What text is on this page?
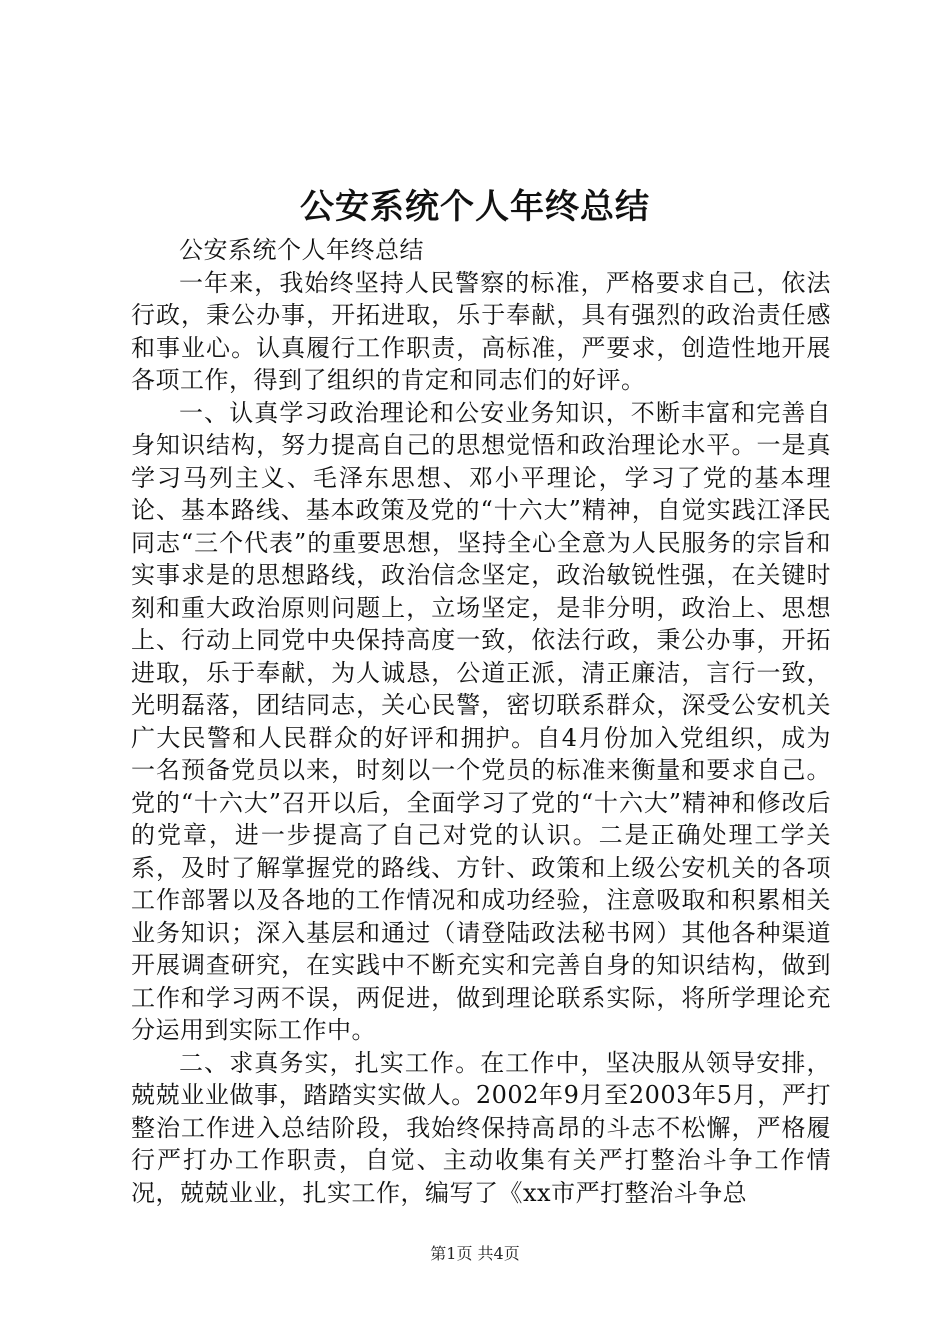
公安系统个人年终总结

公安系统个人年终总结

一年来，我始终坚持人民警察的标准，严格要求自己，依法行政，秉公办事，开拓进取，乐于奉献，具有强烈的政治责任感和事业心。认真履行工作职责，高标准，严要求，创造性地开展各项工作，得到了组织的肯定和同志们的好评。

一、认真学习政治理论和公安业务知识，不断丰富和完善自身知识结构，努力提高自己的思想觉悟和政治理论水平。一是真学习马列主义、毛泽东思想、邓小平理论，学习了党的基本理论、基本路线、基本政策及党的“十六大”精神，自觉实践江泽民同志“三个代表”的重要思想，坚持全心全意为人民服务的宗旨和实事求是的思想路线，政治信念坚定，政治敏锐性强，在关键时刻和重大政治原则问题上，立场坚定，是非分明，政治上、思想上、行动上同党中央保持高度一致，依法行政，秉公办事，开拓进取，乐于奉献，为人诚恳，公道正派，清正廉洁，言行一致，光明磊落，团结同志，关心民警，密切联系群众，深受公安机关广大民警和人民群众的好评和拥护。自4月份加入党组织，成为一名预备党员以来，时刻以一个党员的标准来衡量和要求自己。党的“十六大”召开以后，全面学习了党的“十六大”精神和修改后的党章，进一步提高了自己对党的认识。二是正确处理工学关系，及时了解掌握党的路线、方针、政策和上级公安机关的各项工作部署以及各地的工作情况和成功经验，注意吸取和积累相关业务知识；深入基层和通过（请登陆政法秘书网）其他各种渠道开展调查研究，在实践中不断充实和完善自身的知识结构，做到工作和学习两不误，两促进，做到理论联系实际，将所学理论充分运用到实际工作中。

二、求真务实，扎实工作。在工作中，坚决服从领导安排，兢兢业业做事，踏踏实实做人。2002年9月至2003年5月，严打整治工作进入总结阶段，我始终保持高昂的斗志不松懈，严格履行严打办工作职责，自觉、主动收集有关严打整治斗争工作情况，兢兢业业，扎实工作，编写了《xx市严打整治斗争总

第1页 共4页
